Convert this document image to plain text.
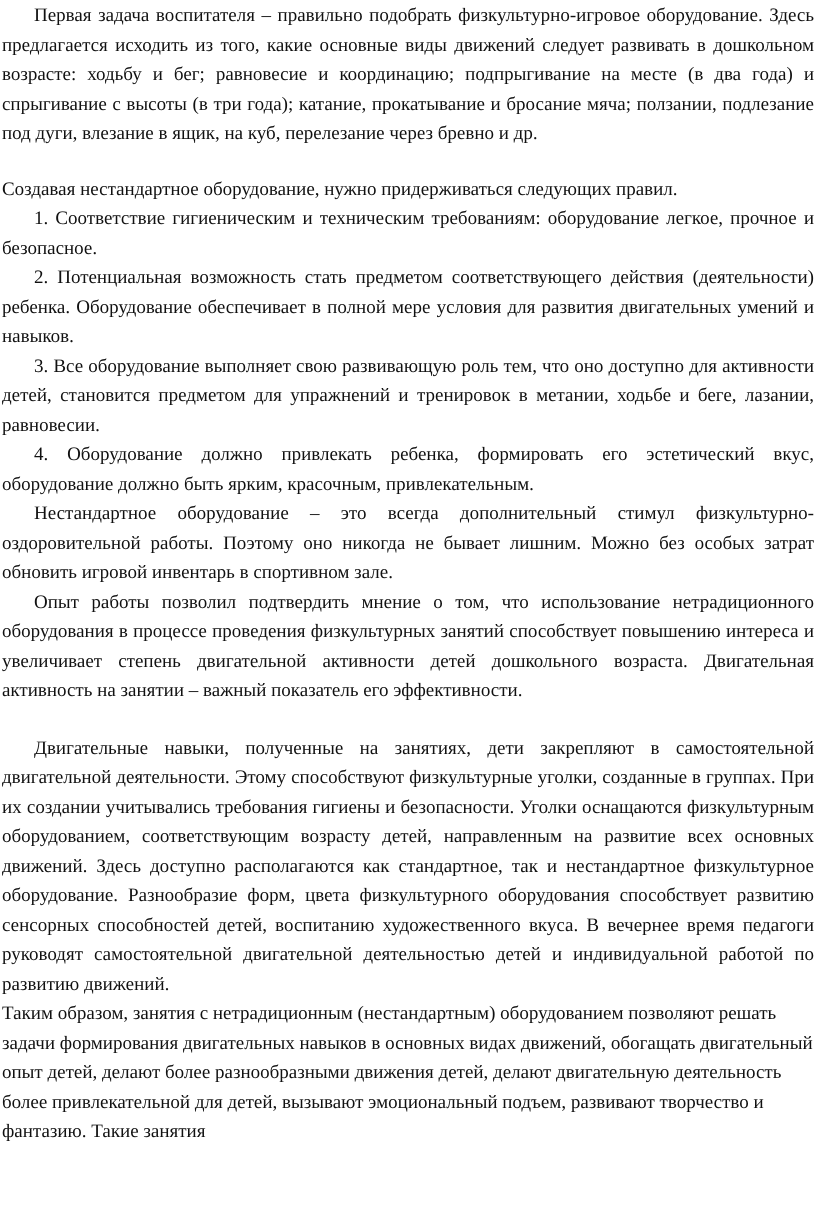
Первая задача воспитателя – правильно подобрать физкультурно-игровое оборудование. Здесь предлагается исходить из того, какие основные виды движений следует развивать в дошкольном возрасте: ходьбу и бег; равновесие и координацию; подпрыгивание на месте (в два года) и спрыгивание с высоты (в три года); катание, прокатывание и бросание мяча; ползании, подлезание под дуги, влезание в ящик, на куб, перелезание через бревно и др.

Создавая нестандартное оборудование, нужно придерживаться следующих правил.

1. Соответствие гигиеническим и техническим требованиям: оборудование легкое, прочное и безопасное.

2. Потенциальная возможность стать предметом соответствующего действия (деятельности) ребенка. Оборудование обеспечивает в полной мере условия для развития двигательных умений и навыков.

3. Все оборудование выполняет свою развивающую роль тем, что оно доступно для активности детей, становится предметом для упражнений и тренировок в метании, ходьбе и беге, лазании, равновесии.

4. Оборудование должно привлекать ребенка, формировать его эстетический вкус, оборудование должно быть ярким, красочным, привлекательным.

Нестандартное оборудование – это всегда дополнительный стимул физкультурно-оздоровительной работы. Поэтому оно никогда не бывает лишним. Можно без особых затрат обновить игровой инвентарь в спортивном зале.

Опыт работы позволил подтвердить мнение о том, что использование нетрадиционного оборудования в процессе проведения физкультурных занятий способствует повышению интереса и увеличивает степень двигательной активности детей дошкольного возраста. Двигательная активность на занятии – важный показатель его эффективности.

Двигательные навыки, полученные на занятиях, дети закрепляют в самостоятельной двигательной деятельности. Этому способствуют физкультурные уголки, созданные в группах. При их создании учитывались требования гигиены и безопасности. Уголки оснащаются физкультурным оборудованием, соответствующим возрасту детей, направленным на развитие всех основных движений. Здесь доступно располагаются как стандартное, так и нестандартное физкультурное оборудование. Разнообразие форм, цвета физкультурного оборудования способствует развитию сенсорных способностей детей, воспитанию художественного вкуса. В вечернее время педагоги руководят самостоятельной двигательной деятельностью детей и индивидуальной работой по развитию движений.

Таким образом, занятия с нетрадиционным (нестандартным) оборудованием позволяют решать задачи формирования двигательных навыков в основных видах движений, обогащать двигательный опыт детей, делают более разнообразными движения детей, делают двигательную деятельность более привлекательной для детей, вызывают эмоциональный подъем, развивают творчество и фантазию. Такие занятия
